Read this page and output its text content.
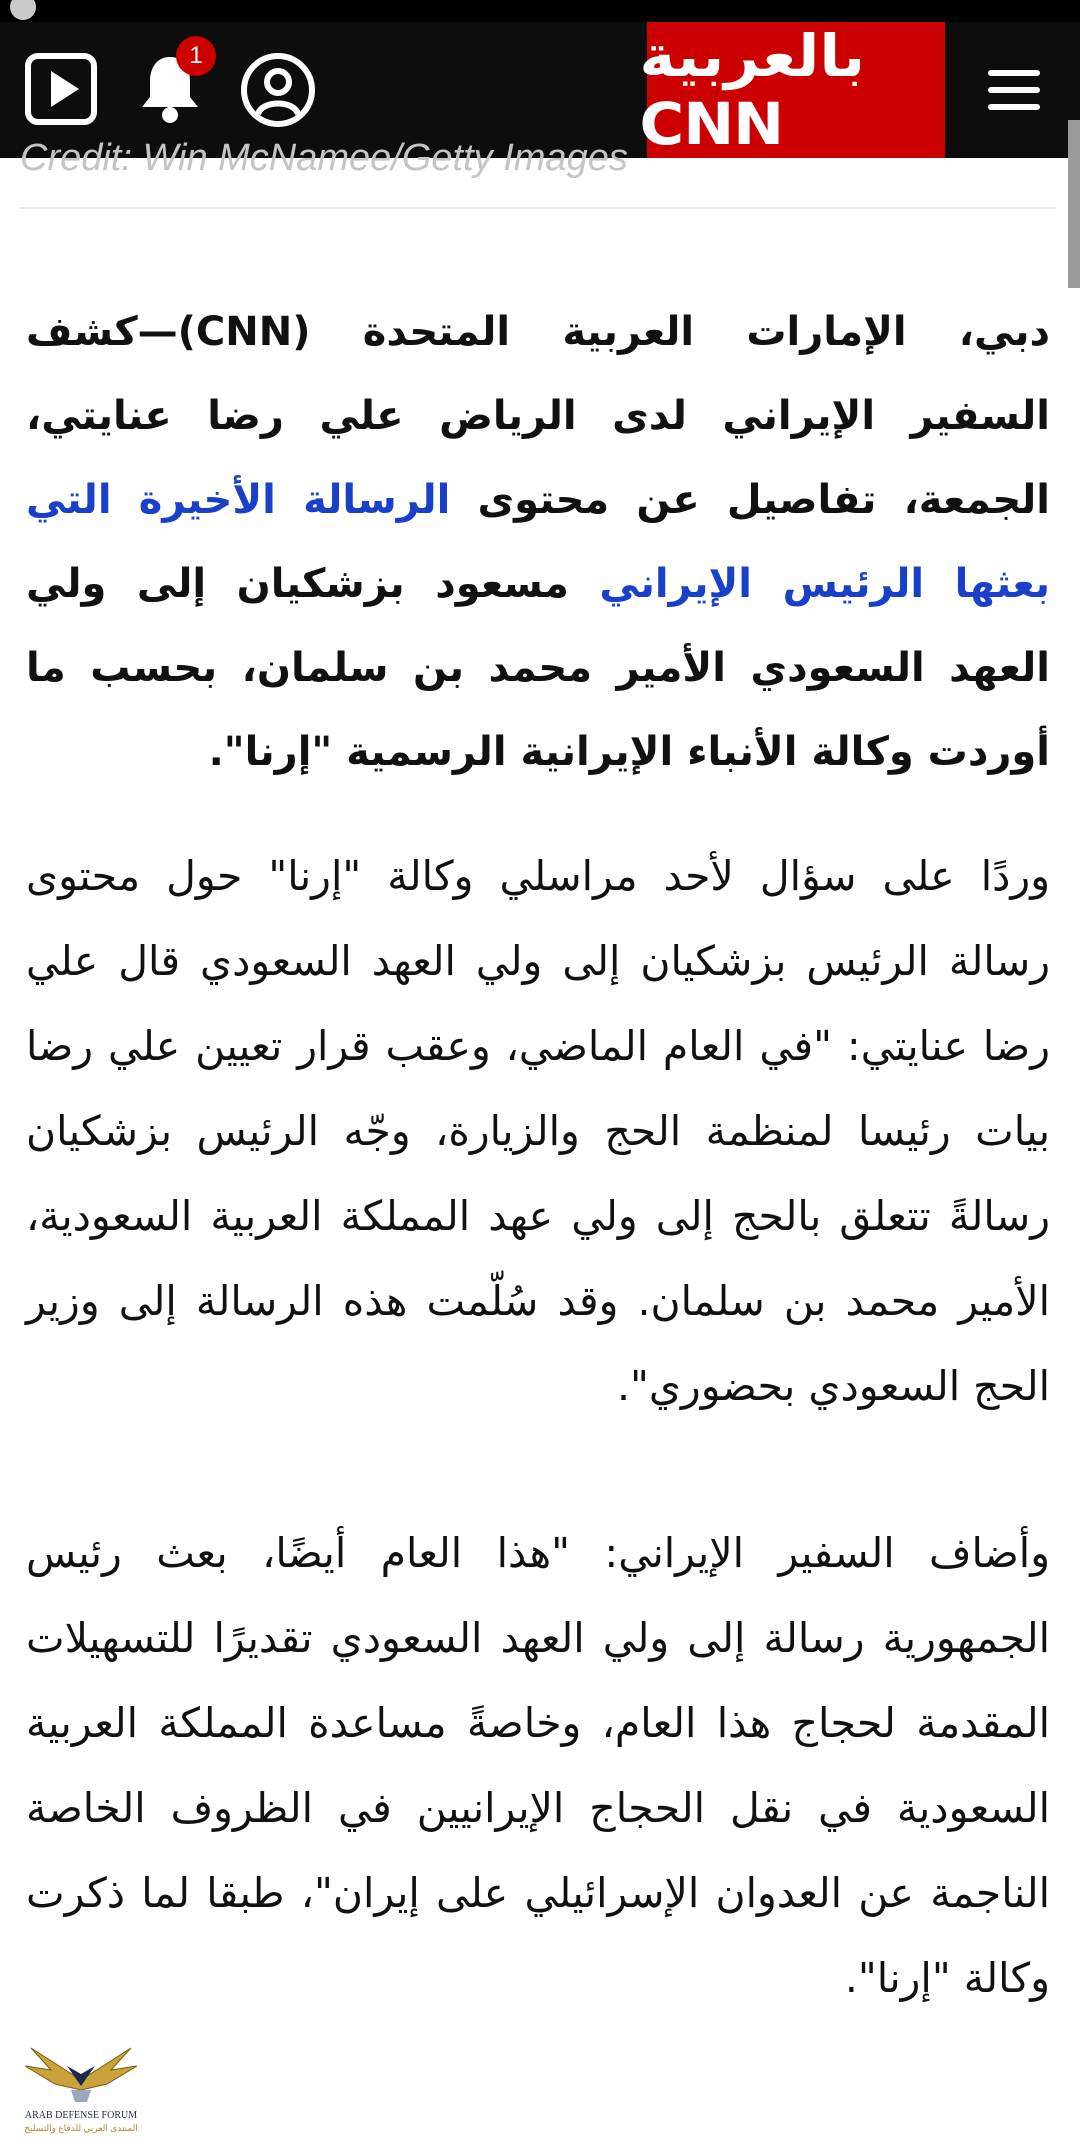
1	بالعربية CNN
Credit: Win McNamee/Getty Images

دبي، الإمارات العربية المتحدة (CNN)—كشف السفير الإيراني لدى الرياض علي رضا عنايتي، الجمعة، تفاصيل عن محتوى الرسالة الأخيرة التي بعثها الرئيس الإيراني مسعود بزشكيان إلى ولي العهد السعودي الأمير محمد بن سلمان، بحسب ما أوردت وكالة الأنباء الإيرانية الرسمية "إرنا".

وردًا على سؤال لأحد مراسلي وكالة "إرنا" حول محتوى رسالة الرئيس بزشكيان إلى ولي العهد السعودي قال علي رضا عنايتي: "في العام الماضي، وعقب قرار تعيين علي رضا بيات رئيسا لمنظمة الحج والزيارة، وجّه الرئيس بزشكيان رسالةً تتعلق بالحج إلى ولي عهد المملكة العربية السعودية، الأمير محمد بن سلمان. وقد سُلّمت هذه الرسالة إلى وزير الحج السعودي بحضوري".

وأضاف السفير الإيراني: "هذا العام أيضًا، بعث رئيس الجمهورية رسالة إلى ولي العهد السعودي تقديرًا للتسهيلات المقدمة لحجاج هذا العام، وخاصةً مساعدة المملكة العربية السعودية في نقل الحجاج الإيرانيين في الظروف الخاصة الناجمة عن العدوان الإسرائيلي على إيران"، طبقا لما ذكرت وكالة "إرنا".

ARAB DEFENSE FORUM
المنتدى العربي للدفاع والتسليح
